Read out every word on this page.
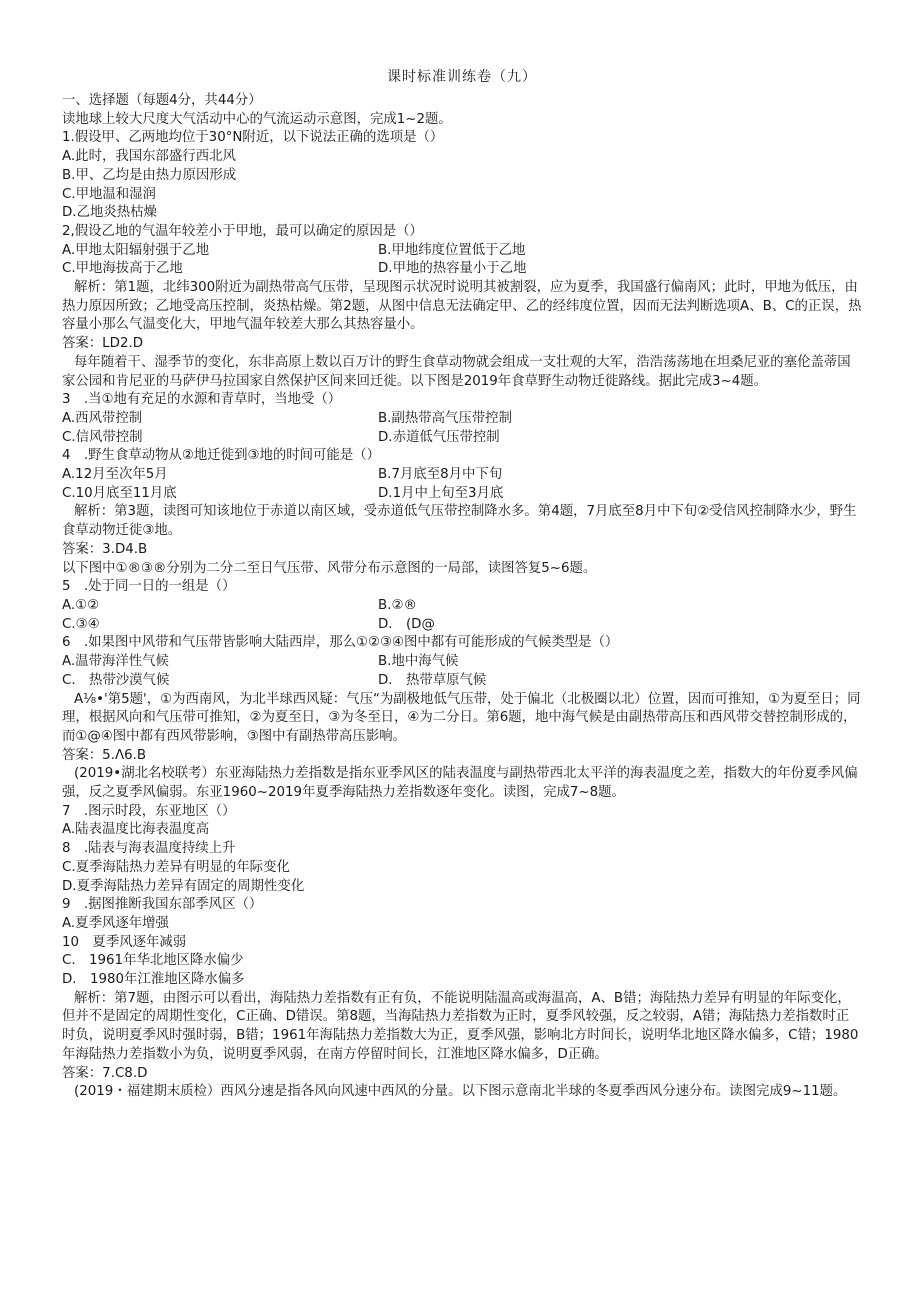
课时标准训练卷（九）
一、选择题（每题4分，共44分）
读地球上较大尺度大气活动中心的气流运动示意图，完成1~2题。
1.假设甲、乙两地均位于30°N附近，以下说法正确的选项是（）
A.此时，我国东部盛行西北风
B.甲、乙均是由热力原因形成
C.甲地温和湿润
D.乙地炎热枯燥
2,假设乙地的气温年较差小于甲地，最可以确定的原因是（）
A.甲地太阳辐射强于乙地	B.甲地纬度位置低于乙地
C.甲地海拔高于乙地	D.甲地的热容量小于乙地
解析：第1题，北纬300附近为副热带高气压带，呈现图示状况时说明其被割裂，应为夏季，我国盛行偏南风；此时，甲地为低压，由热力原因所致；乙地受高压控制，炎热枯燥。第2题，从图中信息无法确定甲、乙的经纬度位置，因而无法判断选项A、B、C的正误，热容量小那么气温变化大，甲地气温年较差大那么其热容量小。
答案：LD2.D
每年随着干、湿季节的变化，东非高原上数以百万计的野生食草动物就会组成一支壮观的大军，浩浩荡荡地在坦桑尼亚的塞伦盖蒂国家公园和肯尼亚的马萨伊马拉国家自然保护区间来回迁徙。以下图是2019年食草野生动物迁徙路线。据此完成3~4题。
3　.当①地有充足的水源和青草时，当地受（）
A.西风带控制	B.副热带高气压带控制
C.信风带控制	D.赤道低气压带控制
4　.野生食草动物从②地迁徙到③地的时间可能是（）
A.12月至次年5月	B.7月底至8月中下旬
C.10月底至11月底	D.1月中上旬至3月底
解析：第3题，读图可知该地位于赤道以南区域，受赤道低气压带控制降水多。第4题，7月底至8月中下旬②受信风控制降水少，野生食草动物迁徙③地。
答案：3.D4.B
以下图中①®③®分别为二分二至日气压带、风带分布示意图的一局部，读图答复5~6题。
5　.处于同一日的一组是（）
A.①②	B.②®
C.③④	D.　(D@
6　.如果图中风带和气压带皆影响大陆西岸，那么①②③④图中都有可能形成的气候类型是（）
A.温带海洋性气候	B.地中海气候
C.　热带沙漠气候	D.　热带草原气候
A⅛•'第5题'，①为西南风，为北半球西风疑：气压“为副极地低气压带，处于偏北（北极圈以北）位置，因而可推知，①为夏至日；同理，根据风向和气压带可推知，②为夏至日，③为冬至日，④为二分日。第6题，地中海气候是由副热带高压和西风带交替控制形成的，而①@④图中都有西风带影响，③图中有副热带高压影响。
答案：5.Λ6.B
(2019•湖北名校联考）东亚海陆热力差指数是指东亚季风区的陆表温度与副热带西北太平洋的海表温度之差，指数大的年份夏季风偏强，反之夏季风偏弱。东亚1960~2019年夏季海陆热力差指数逐年变化。读图，完成7~8题。
7　.图示时段，东亚地区（）
A.陆表温度比海表温度高
8　.陆表与海表温度持续上升
C.夏季海陆热力差异有明显的年际变化
D.夏季海陆热力差异有固定的周期性变化
9　.据图推断我国东部季风区（）
A.夏季风逐年增强
10　夏季风逐年减弱
C.　1961年华北地区降水偏少
D.　1980年江淮地区降水偏多
解析：第7题，由图示可以看出，海陆热力差指数有正有负，不能说明陆温高或海温高，A、B错；海陆热力差异有明显的年际变化，但并不是固定的周期性变化，C正确、D错误。第8题，当海陆热力差指数为正时，夏季风较强，反之较弱，A错；海陆热力差指数时正时负，说明夏季风时强时弱，B错；1961年海陆热力差指数大为正，夏季风强，影响北方时间长，说明华北地区降水偏多，C错；1980年海陆热力差指数小为负，说明夏季风弱，在南方停留时间长，江淮地区降水偏多，D正确。
答案：7.C8.D
(2019・福建期末质检）西风分速是指各风向风速中西风的分量。以下图示意南北半球的冬夏季西风分速分布。读图完成9~11题。
